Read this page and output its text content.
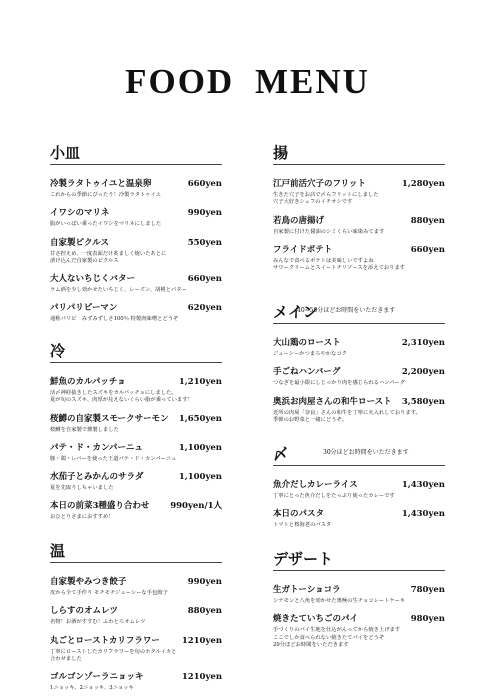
FOOD MENU
小皿
冷製ラタトゥイユと温泉卵	660yen
これからの季節にぴったり！冷製ラタトゥイユ
イワシのマリネ	990yen
脂がいっぱい乗ったイワシをマリネにしました
自家製ピクルス	550yen
甘さ控えめ、一度表面だけ炙ましく焼いたあとに
漬け込んだ自家製のピクルス
大人ないちじくバター	660yen
ラム酒を少し効かせたいちじく、レーズン、胡桃とバター
パリパリピーマン	620yen
通称パリピ　みずみずしさ100％ 特製肉味噌とどうぞ
冷
鮮魚のカルパッチョ	1,210yen
活〆神経抜きしたスズキをカルパッチョにしました。
夏が旬のスズキ、肉厚が見えないくらい脂が乗っています！
桜鱒の自家製スモークサーモン	1,650yen
桜鱒を自家製で燻製しました
パテ・ド・カンパーニュ	1,100yen
豚・鶏・レバーを使った王道パテ・ド・カンパーニュ
水茄子とみかんのサラダ	1,100yen
夏を先取りしちゃいました
本日の前菜3種盛り合わせ	990yen/1人
おひとりさまにおすすめ！
温
自家製やみつき餃子	990yen
皮から全て手作り モチモチジューシーな手包餃子
しらすのオムレツ	880yen
名物！お酒がすすむ！ふわとろオムレツ
丸ごとローストカリフラワー	1210yen
丁寧にローストしたカリフラワーを旬のホタルイカと
合わせました
ゴルゴンゾーラニョッキ	1210yen
1ニョッキ、2ニョッキ、3ニョッキ
揚
江戸前活穴子のフリット	1,280yen
生きた穴子をお店で〆らフリットにしました
穴子大好きシェフのイチオシです
若鳥の唐揚げ	880yen
自家製に付けた醤油のシミくらい味染みてます
フライドポテト	660yen
みんなで食べるポテトは美味しいですよね
サワークリームとスイートチリソースを添えております
メイン
40~50分ほどお時間をいただきます
大山鶏のロースト	2,310yen
ジューシーかつまろやかなコク
手ごねハンバーグ	2,200yen
つなぎを最小限にしじっかり肉を感じられるハンバーグ
奥浜お肉屋さんの和牛ロースト	3,580yen
近所の肉屋「奈良」さんの和牛を丁寧に火入れしております。
季節のお野菜と一緒にどうぞ。
〆	30分ほどお時間をいただきます
魚介だしカレーライス	1,430yen
丁寧にとった魚介だしをたっぷり使ったカレーです
本日のパスタ	1,430yen
トマトと桜海老のパスタ
デザート
生ガトーショコラ	780yen
シナモンと八角を効かせた奥極の生チョコレートケーキ
焼きたていちごのパイ	980yen
手づくりのパイ生地を仕込がんってから焼き上げます
ここでしか食べられない焼きたてパイをどうぞ
20分ほどお時間をいただきます
